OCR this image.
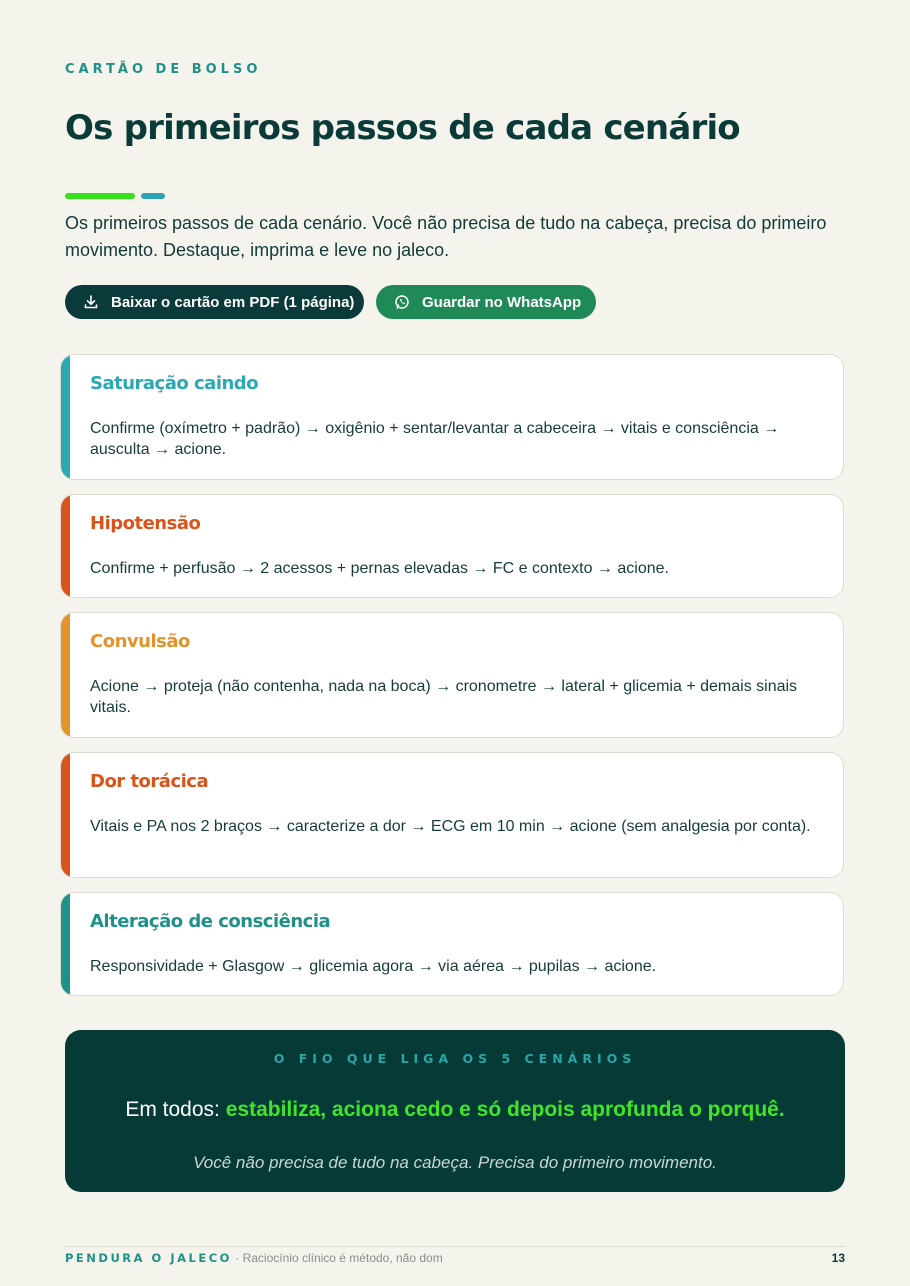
CARTÃO DE BOLSO
Os primeiros passos de cada cenário
Os primeiros passos de cada cenário. Você não precisa de tudo na cabeça, precisa do primeiro movimento. Destaque, imprima e leve no jaleco.
Baixar o cartão em PDF (1 página)	Guardar no WhatsApp
Saturação caindo

Confirme (oxímetro + padrão) → oxigênio + sentar/levantar a cabeceira → vitais e consciência → ausculta → acione.

Hipotensão

Confirme + perfusão → 2 acessos + pernas elevadas → FC e contexto → acione.

Convulsão

Acione → proteja (não contenha, nada na boca) → cronometre → lateral + glicemia + demais sinais vitais.

Dor torácica

Vitais e PA nos 2 braços → caracterize a dor → ECG em 10 min → acione (sem analgesia por conta).

Alteração de consciência

Responsividade + Glasgow → glicemia agora → via aérea → pupilas → acione.

O FIO QUE LIGA OS 5 CENÁRIOS
Em todos: estabiliza, aciona cedo e só depois aprofunda o porquê.
Você não precisa de tudo na cabeça. Precisa do primeiro movimento.
PENDURA O JALECO · Raciocínio clínico é método, não dom	13
